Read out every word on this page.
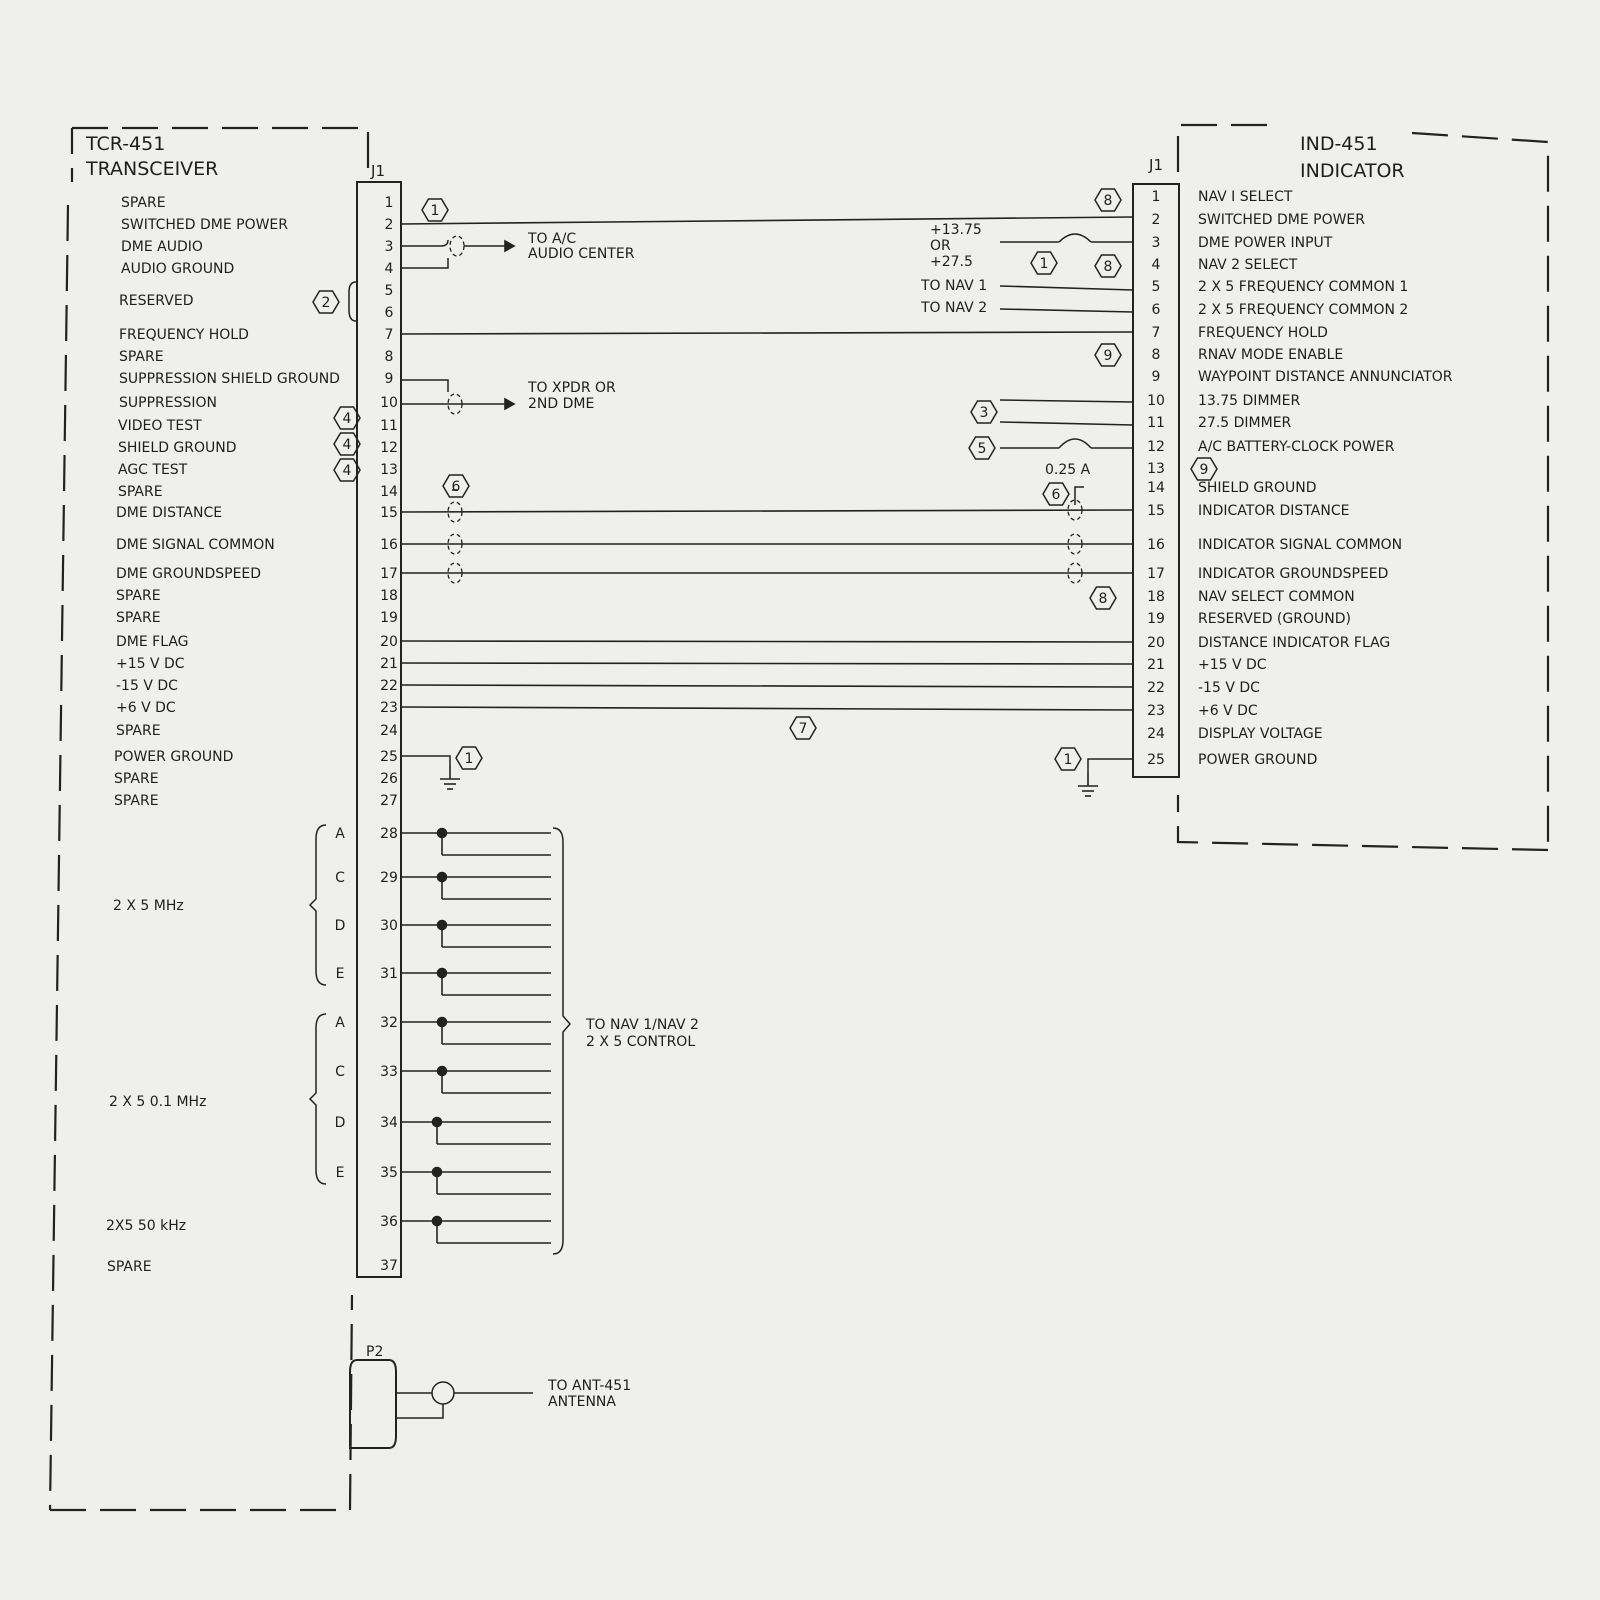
J1
1
2
3
4
5
6
7
8
9
10
11
12
13
14
15
16
17
18
19
20
21
22
23
24
25
26
27
28
29
30
31
32
33
34
35
36
37
TCR-451
TRANSCEIVER
SPARE
SWITCHED DME POWER
DME AUDIO
AUDIO GROUND
FREQUENCY HOLD
SPARE
SUPPRESSION SHIELD GROUND
SUPPRESSION
VIDEO TEST
SHIELD GROUND
AGC TEST
SPARE
DME DISTANCE
DME SIGNAL COMMON
DME GROUNDSPEED
SPARE
SPARE
DME FLAG
+15 V DC
-15 V DC
+6 V DC
SPARE
POWER GROUND
SPARE
SPARE
RESERVED
2 X 5 MHz
A
C
D
E
2 X 5 0.1 MHz
A
C
D
E
2X5 50 kHz
SPARE
TO NAV 1/NAV 2
2 X 5 CONTROL
J1
1
2
3
4
5
6
7
8
9
10
11
12
13
14
15
16
17
18
19
20
21
22
23
24
25
IND-451
INDICATOR
NAV I SELECT
SWITCHED DME POWER
DME POWER INPUT
NAV 2 SELECT
2 X 5 FREQUENCY COMMON 1
2 X 5 FREQUENCY COMMON 2
FREQUENCY HOLD
RNAV MODE ENABLE
WAYPOINT DISTANCE ANNUNCIATOR
13.75 DIMMER
27.5 DIMMER
A/C BATTERY-CLOCK POWER
SHIELD GROUND
INDICATOR DISTANCE
INDICATOR SIGNAL COMMON
INDICATOR GROUNDSPEED
NAV SELECT COMMON
RESERVED (GROUND)
DISTANCE INDICATOR FLAG
+15 V DC
-15 V DC
+6 V DC
DISPLAY VOLTAGE
POWER GROUND
TO A/C
AUDIO CENTER
TO XPDR OR
2ND DME
+13.75
OR
+27.5
TO NAV 1
TO NAV 2
0.25 A
P2
TO ANT-451
ANTENNA
1
2
1
8
8
9
4
4
4
3
5
6	6
9
8
7
1	1
